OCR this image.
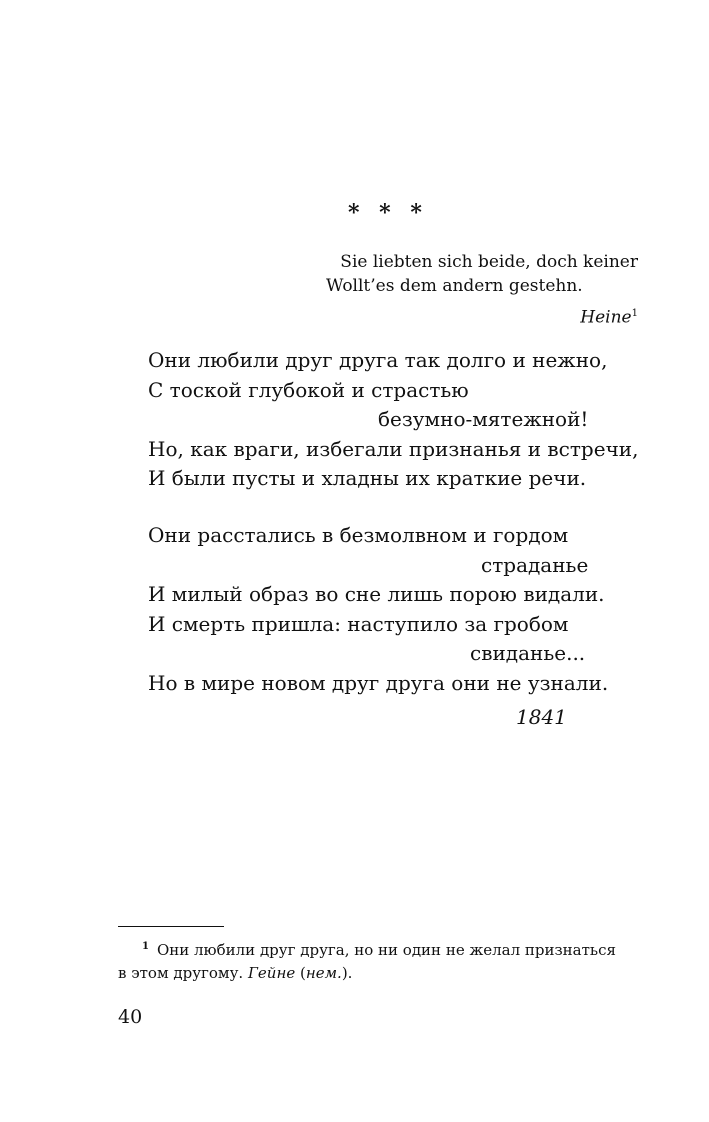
* * *
Sie liebten sich beide, doch keiner
Wollt’es dem andern gestehn.
Heine$^1$
Они любили друг друга так долго и нежно,
С тоской глубокой и страстью
безумно-мятежной!
Но, как враги, избегали признанья и встречи,
И были пусты и хладны их краткие речи.
Они расстались в безмолвном и гордом
страданье
И милый образ во сне лишь порою видали.
И смерть пришла: наступило за гробом
свиданье...
Но в мире новом друг друга они не узнали.
1841
$^1$ Они любили друг друга, но ни один не желал признаться
в этом другому. Гейне (нем.).
40
